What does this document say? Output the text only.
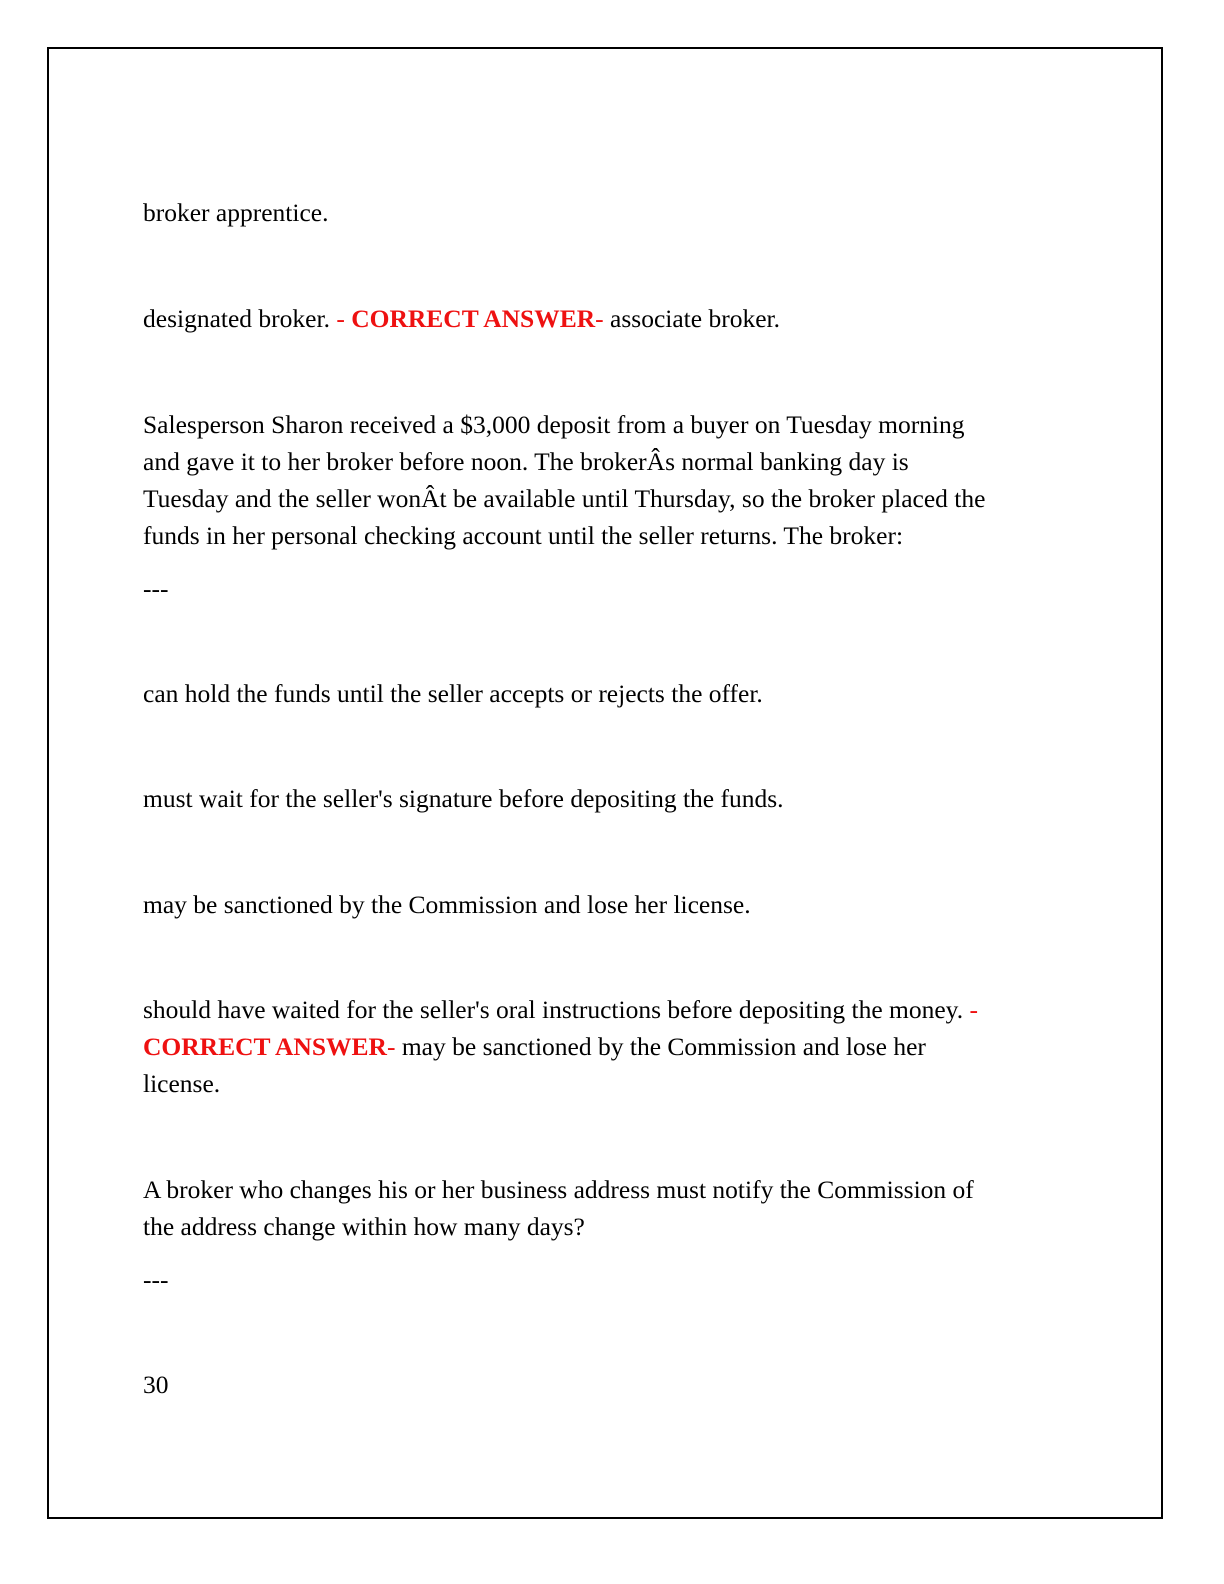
broker apprentice.

designated broker. - CORRECT ANSWER- associate broker.

Salesperson Sharon received a $3,000 deposit from a buyer on Tuesday morning

and gave it to her broker before noon. The brokerÂs normal banking day is

Tuesday and the seller wonÂt be available until Thursday, so the broker placed the

funds in her personal checking account until the seller returns. The broker:

---

can hold the funds until the seller accepts or rejects the offer.

must wait for the seller's signature before depositing the funds.

may be sanctioned by the Commission and lose her license.

should have waited for the seller's oral instructions before depositing the money. -

CORRECT ANSWER- may be sanctioned by the Commission and lose her

license.

A broker who changes his or her business address must notify the Commission of

the address change within how many days?

---

30
